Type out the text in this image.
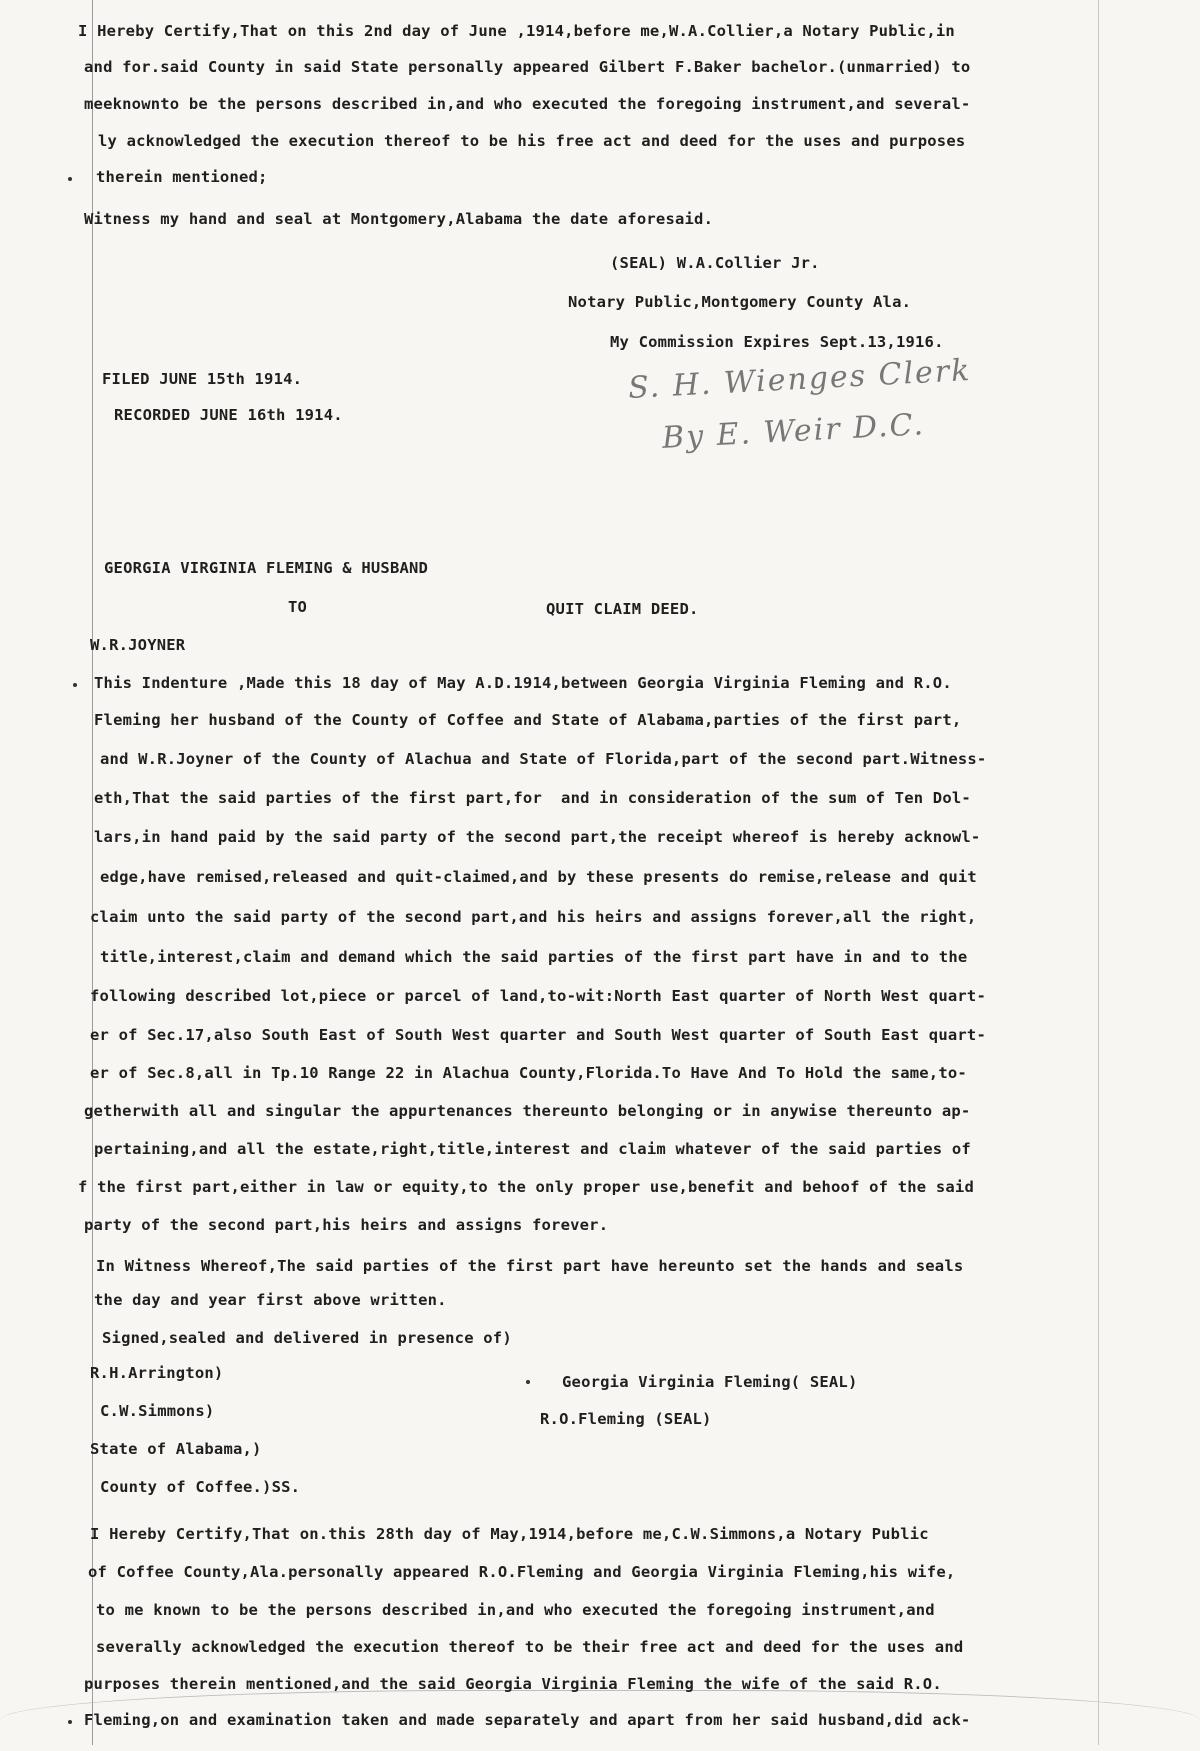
I Hereby Certify,That on this 2nd day of June ,1914,before me,W.A.Collier,a Notary Public,in
and for.said County in said State personally appeared Gilbert F.Baker bachelor.(unmarried) to
meeknownto be the persons described in,and who executed the foregoing instrument,and several-
ly acknowledged the execution thereof to be his free act and deed for the uses and purposes
therein mentioned;
Witness my hand and seal at Montgomery,Alabama the date aforesaid.
(SEAL) W.A.Collier Jr.
Notary Public,Montgomery County Ala.
My Commission Expires Sept.13,1916.
FILED JUNE 15th 1914.
RECORDED JUNE 16th 1914.
S. H. Wienges Clerk
By E. Weir D.C.
GEORGIA VIRGINIA FLEMING & HUSBAND
TO	QUIT CLAIM DEED.
W.R.JOYNER
This Indenture ,Made this 18 day of May A.D.1914,between Georgia Virginia Fleming and R.O.
Fleming her husband of the County of Coffee and State of Alabama,parties of the first part,
and W.R.Joyner of the County of Alachua and State of Florida,part of the second part.Witness-
eth,That the said parties of the first part,for  and in consideration of the sum of Ten Dol-
lars,in hand paid by the said party of the second part,the receipt whereof is hereby acknowl-
edge,have remised,released and quit-claimed,and by these presents do remise,release and quit
claim unto the said party of the second part,and his heirs and assigns forever,all the right,
title,interest,claim and demand which the said parties of the first part have in and to the
following described lot,piece or parcel of land,to-wit:North East quarter of North West quart-
er of Sec.17,also South East of South West quarter and South West quarter of South East quart-
er of Sec.8,all in Tp.10 Range 22 in Alachua County,Florida.To Have And To Hold the same,to-
getherwith all and singular the appurtenances thereunto belonging or in anywise thereunto ap-
pertaining,and all the estate,right,title,interest and claim whatever of the said parties of
f the first part,either in law or equity,to the only proper use,benefit and behoof of the said
party of the second part,his heirs and assigns forever.
In Witness Whereof,The said parties of the first part have hereunto set the hands and seals
the day and year first above written.
Signed,sealed and delivered in presence of)
R.H.Arrington)
C.W.Simmons)
Georgia Virginia Fleming( SEAL)
R.O.Fleming (SEAL)
State of Alabama,)
County of Coffee.)SS.
I Hereby Certify,That on.this 28th day of May,1914,before me,C.W.Simmons,a Notary Public
of Coffee County,Ala.personally appeared R.O.Fleming and Georgia Virginia Fleming,his wife,
to me known to be the persons described in,and who executed the foregoing instrument,and
severally acknowledged the execution thereof to be their free act and deed for the uses and
purposes therein mentioned,and the said Georgia Virginia Fleming the wife of the said R.O.
Fleming,on and examination taken and made separately and apart from her said husband,did ack-
